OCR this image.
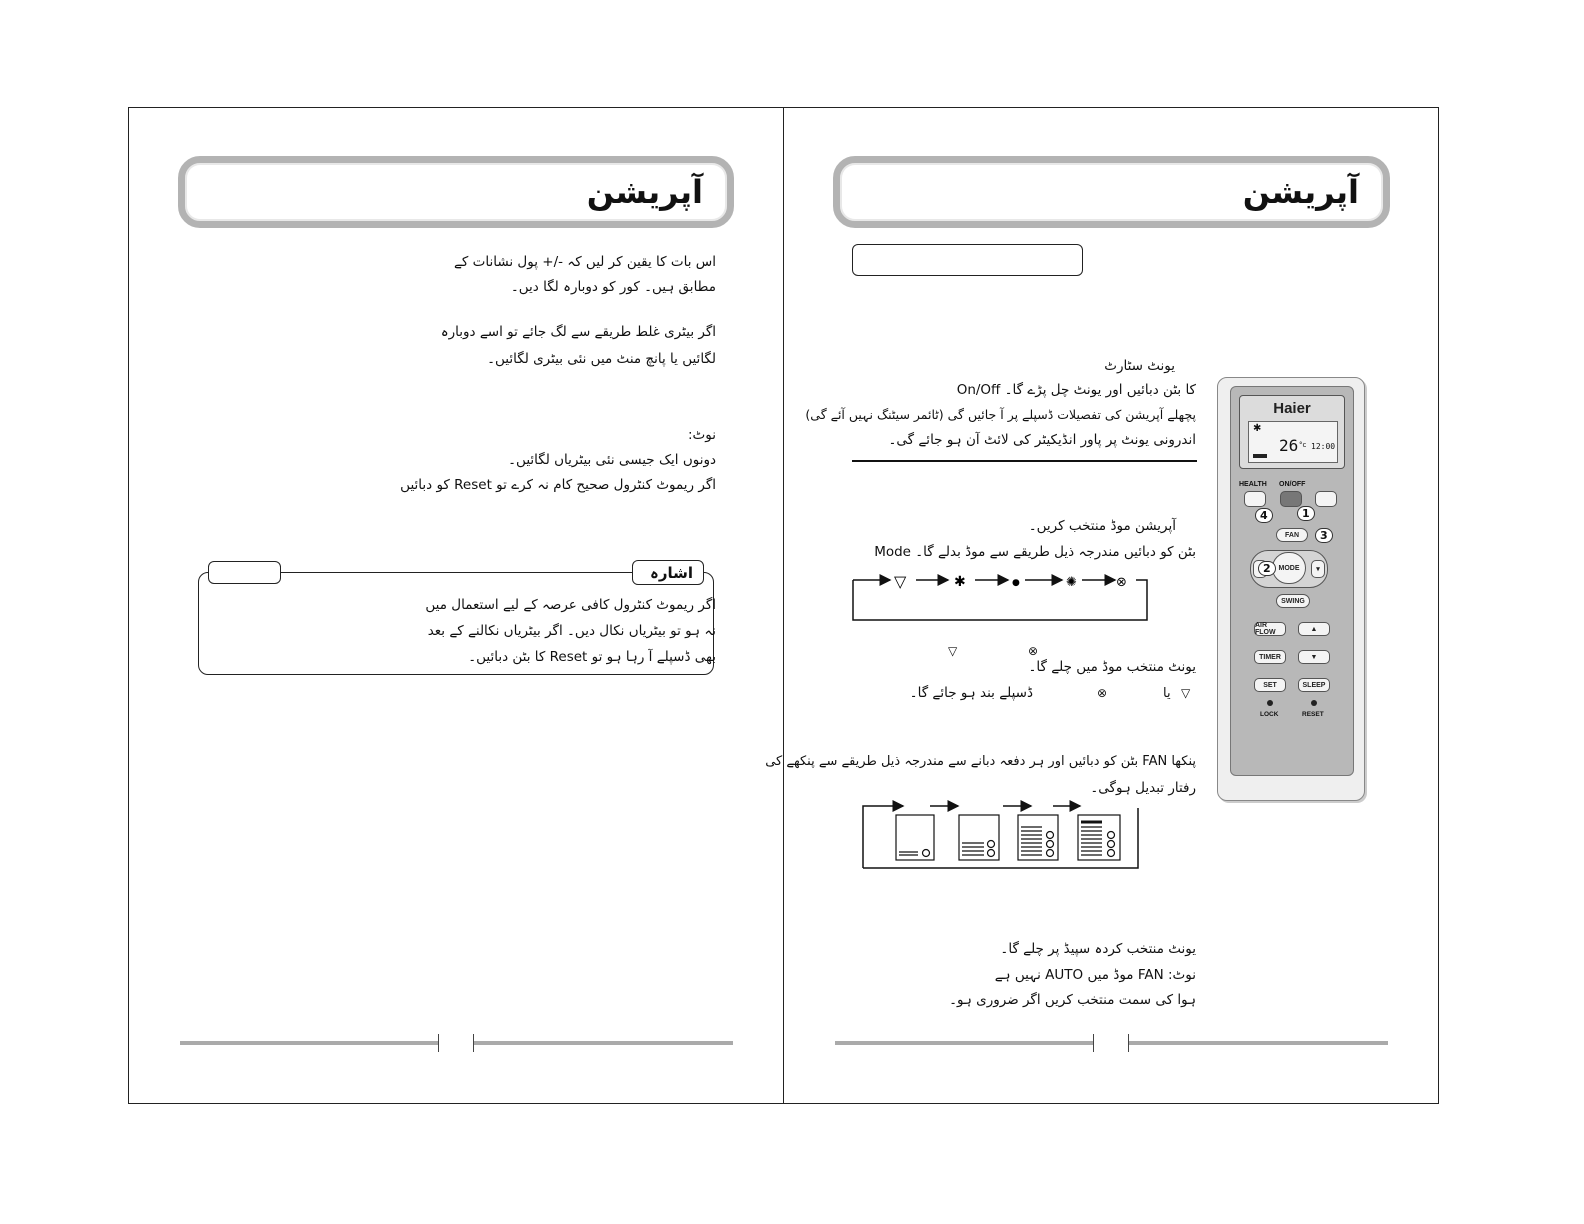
آپریشن
اس بات کا یقین کر لیں کہ -/+ پول نشانات کے
مطابق ہیں۔ کور کو دوبارہ لگا دیں۔
اگر بیٹری غلط طریقے سے لگ جائے تو اسے دوبارہ
لگائیں یا پانچ منٹ میں نئی بیٹری لگائیں۔
نوٹ:
دونوں ایک جیسی نئی بیٹریاں لگائیں۔
اگر ریموٹ کنٹرول صحیح کام نہ کرے تو Reset کو دبائیں
اشارہ
اگر ریموٹ کنٹرول کافی عرصہ کے لیے استعمال میں
نہ ہو تو بیٹریاں نکال دیں۔ اگر بیٹریاں نکالنے کے بعد
بھی ڈسپلے آ رہا ہو تو Reset کا بٹن دبائیں۔
آپریشن
یونٹ سٹارٹ
On/Off کا بٹن دبائیں اور یونٹ چل پڑے گا۔
پچھلے آپریشن کی تفصیلات ڈسپلے پر آ جائیں گی (ٹائمر سیٹنگ نہیں آئے گی)
اندرونی یونٹ پر پاور انڈیکیٹر کی لائٹ آن ہو جائے گی۔
آپریشن موڈ منتخب کریں۔
Mode بٹن کو دبائیں مندرجہ ذیل طریقے سے موڈ بدلے گا۔
▽	✱	●	✺	⊗
▽	⊗
یونٹ منتخب موڈ میں چلے گا۔
▽
یا
⊗
ڈسپلے بند ہو جائے گا۔
پنکھا FAN بٹن کو دبائیں اور ہر دفعہ دبانے سے مندرجہ ذیل طریقے سے پنکھے کی
رفتار تبدیل ہوگی۔
یونٹ منتخب کردہ سپیڈ پر چلے گا۔
نوٹ: FAN موڈ میں AUTO نہیں ہے
ہوا کی سمت منتخب کریں اگر ضروری ہو۔
Haier
✱
26 °c 12:00
HEALTH ON/OFF
FAN
MODE	▾
SWING
AIR FLOW	▲
TIMER	▼
SET	SLEEP
LOCK	RESET
1
4
3
2
